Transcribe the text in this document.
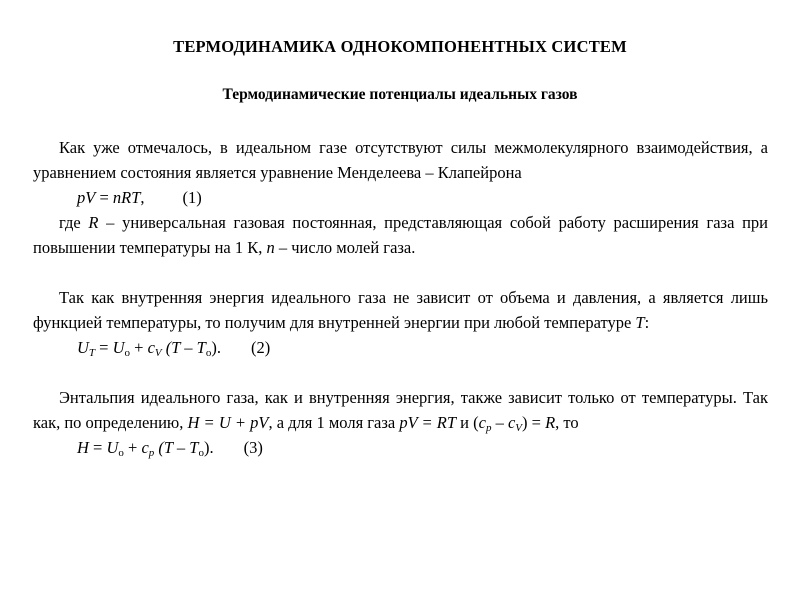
ТЕРМОДИНАМИКА ОДНОКОМПОНЕНТНЫХ СИСТЕМ
Термодинамические потенциалы идеальных газов

Как уже отмечалось, в идеальном газе отсутствуют силы межмолекулярного взаимодействия, а уравнением состояния является уравнение Менделеева – Клапейрона

pV = nRT, (1)

где R – универсальная газовая постоянная, представляющая собой работу расширения газа при повышении температуры на 1 К, n – число молей газа.

Так как внутренняя энергия идеального газа не зависит от объема и давления, а является лишь функцией температуры, то получим для внутренней энергии при любой температуре T:

$U_T = U_o + c_V$ $(T - T_o)$. (2)

Энтальпия идеального газа, как и внутренняя энергия, также зависит только от температуры. Так как, по определению, H = U + pV, а для 1 моля газа pV = RT и $(c_p - c_V) = R$, то

$H = U_o + c_p$ $(T - T_o)$. (3)
